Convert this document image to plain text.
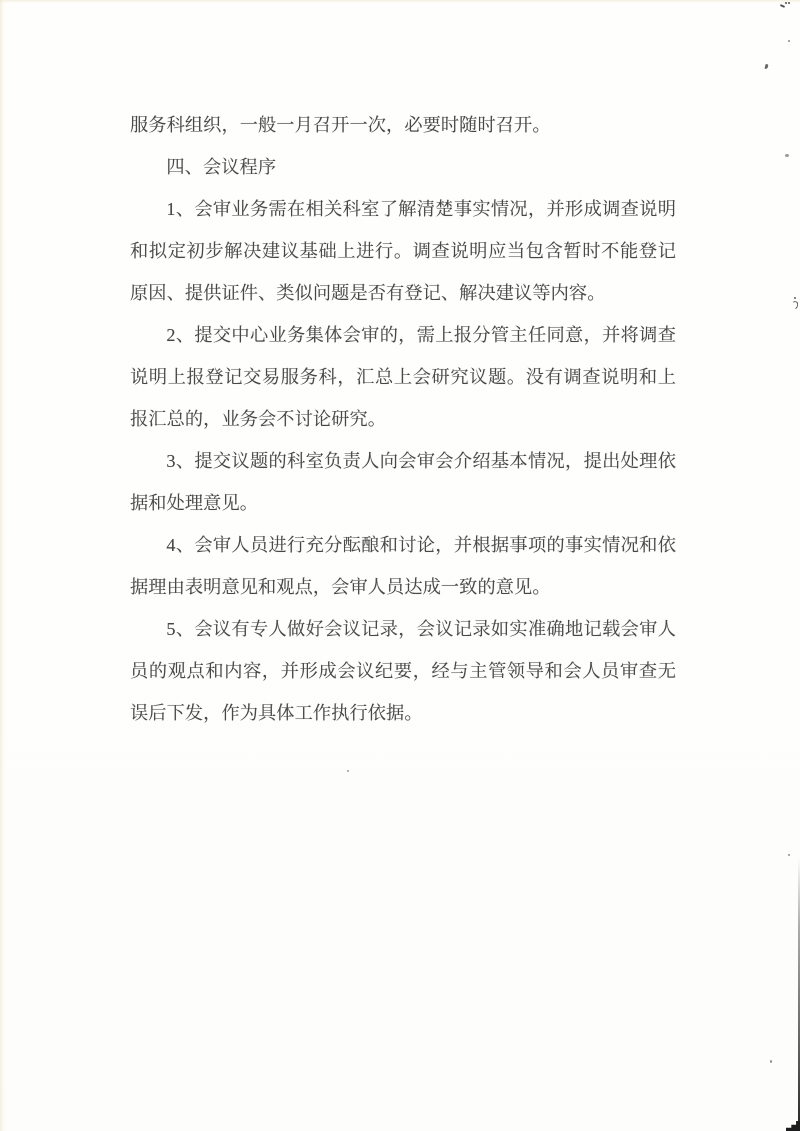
服务科组织，一般一月召开一次，必要时随时召开。

四、会议程序

1、会审业务需在相关科室了解清楚事实情况，并形成调查说明和拟定初步解决建议基础上进行。调查说明应当包含暂时不能登记原因、提供证件、类似问题是否有登记、解决建议等内容。

2、提交中心业务集体会审的，需上报分管主任同意，并将调查说明上报登记交易服务科，汇总上会研究议题。没有调查说明和上报汇总的，业务会不讨论研究。

3、提交议题的科室负责人向会审会介绍基本情况，提出处理依据和处理意见。

4、会审人员进行充分酝酿和讨论，并根据事项的事实情况和依据理由表明意见和观点，会审人员达成一致的意见。

5、会议有专人做好会议记录，会议记录如实准确地记载会审人员的观点和内容，并形成会议纪要，经与主管领导和会人员审查无误后下发，作为具体工作执行依据。
